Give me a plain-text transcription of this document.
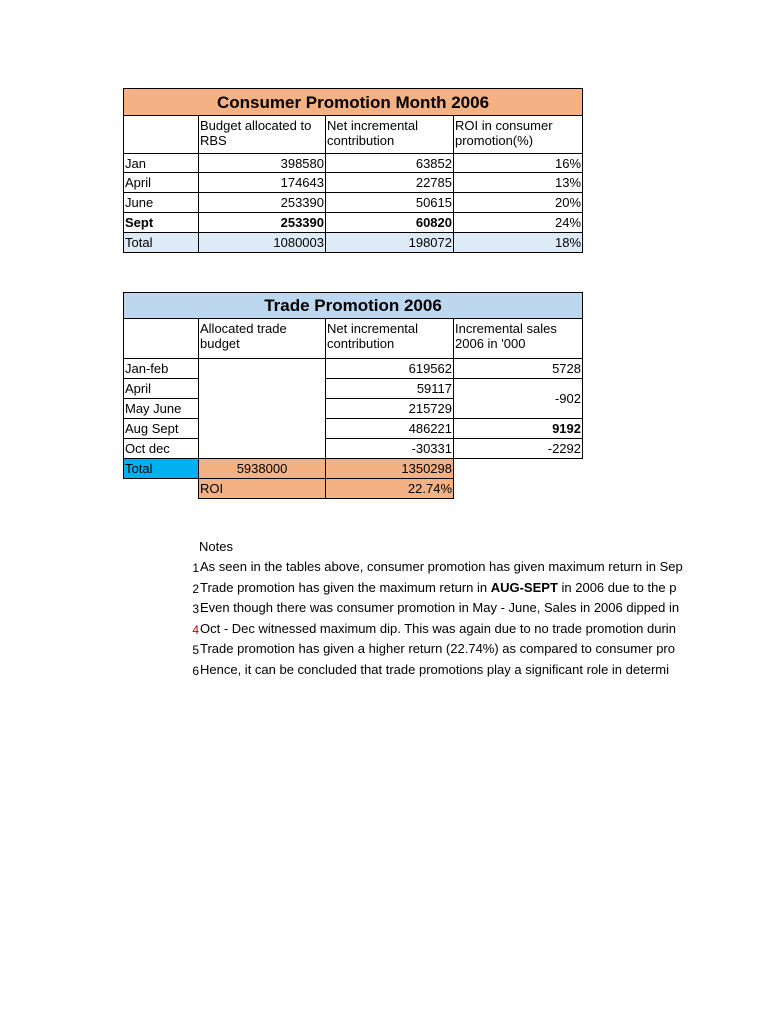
Consumer Promotion Month 2006			
	Budget allocated to RBS	Net incremental contribution	ROI in consumer promotion(%)
Jan	398580	63852	16%
April	174643	22785	13%
June	253390	50615	20%
Sept	253390	60820	24%
Total	1080003	198072	18%
Trade Promotion 2006			
	Allocated trade budget	Net incremental contribution	Incremental sales 2006 in '000
Jan-feb		619562	5728
April		59117	-902
May June		215729	
Aug Sept		486221	9192
Oct dec		-30331	-2292
Total	5938000	1350298	
	ROI	22.74%	
Notes
1 As seen in the tables above, consumer promotion has given maximum return in Sep
2 Trade promotion has given the maximum return in AUG-SEPT in 2006 due to the p
3 Even though there was consumer promotion in May - June, Sales in 2006 dipped in
4 Oct - Dec witnessed maximum dip. This was again due to no trade promotion durin
5 Trade promotion has given a higher return (22.74%) as compared to consumer pro
6 Hence, it can be concluded that trade promotions play a significant role in determi
